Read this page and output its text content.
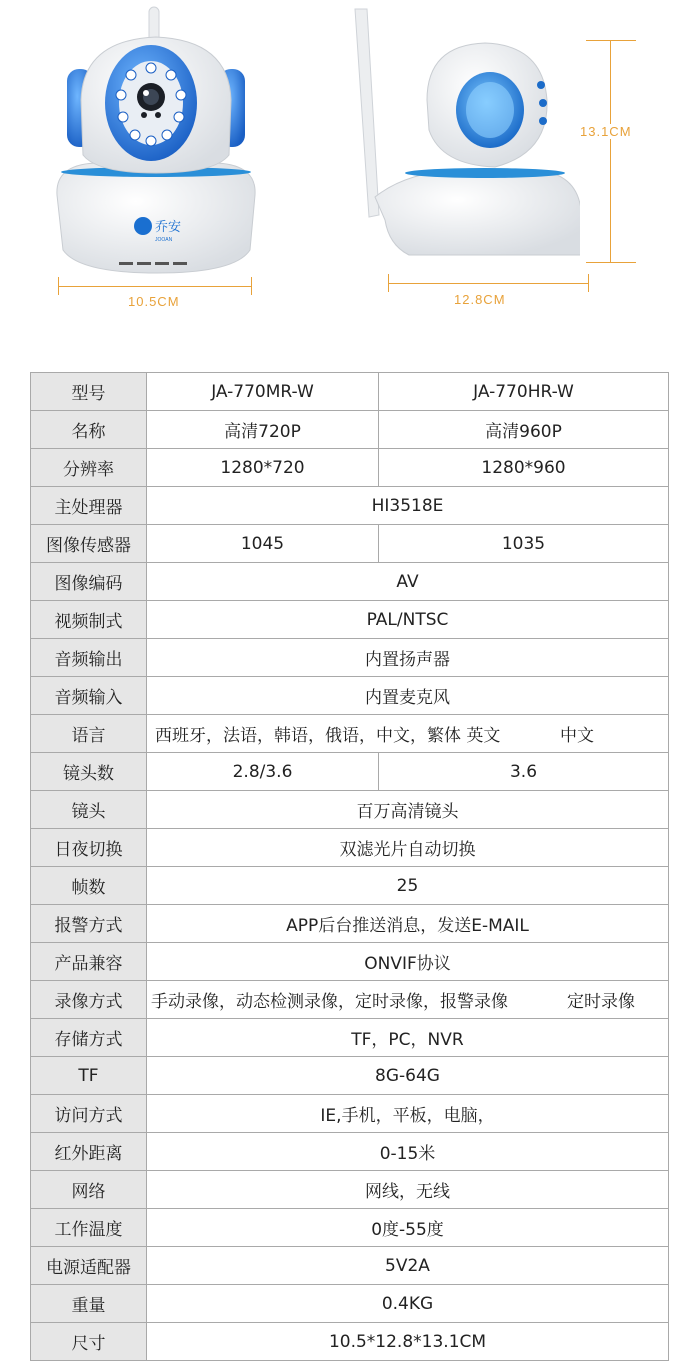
乔安
JOOAN
10.5CM	12.8CM
13.1CM
型号	JA-770MR-W	JA-770HR-W
名称	高清720P	高清960P
分辨率	1280*720	1280*960
主处理器	HI3518E	
图像传感器	1045	1035
图像编码	AV	
视频制式	PAL/NTSC	
音频输出	内置扬声器	
音频输入	内置麦克风	
语言	西班牙，法语，韩语，俄语，中文，繁体 英文 中文	
镜头数	2.8/3.6	3.6
镜头	百万高清镜头	
日夜切换	双滤光片自动切换	
帧数	25	
报警方式	APP后台推送消息，发送E-MAIL	
产品兼容	ONVIF协议	
录像方式	手动录像，动态检测录像，定时录像，报警录像 定时录像	
存储方式	TF，PC，NVR	
TF	8G-64G	
访问方式	IE,手机，平板，电脑，	
红外距离	0-15米	
网络	网线，无线	
工作温度	0度-55度	
电源适配器	5V2A	
重量	0.4KG	
尺寸	10.5*12.8*13.1CM	
